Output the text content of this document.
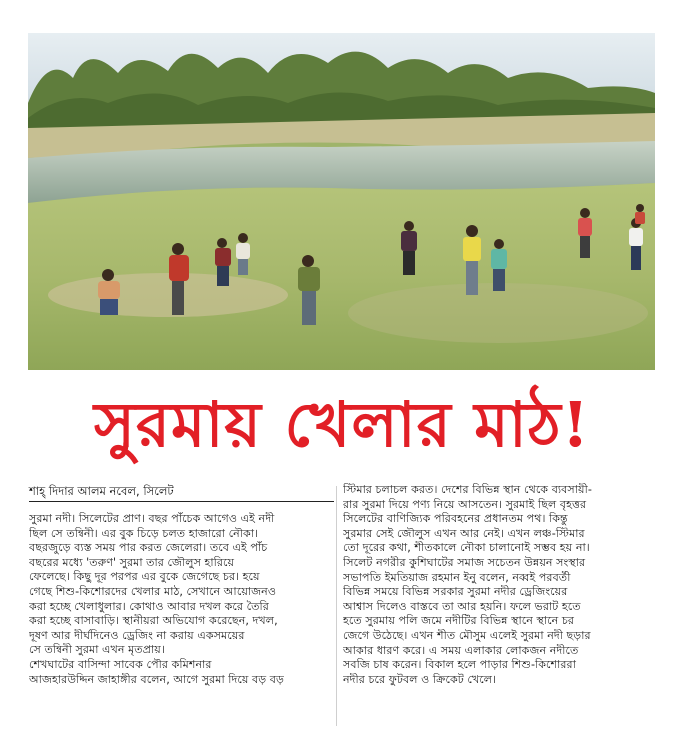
সুরমায় খেলার মাঠ!
শাহ্ দিদার আলম নবেল, সিলেট

সুরমা নদী। সিলেটের প্রাণ। বছর পাঁচেক আগেও এই নদী
ছিল সে তন্বিনী। এর বুক চিড়ে চলত হাজারো নৌকা।
বছরজুড়ে ব্যস্ত সময় পার করত জেলেরা। তবে এই পাঁচ
বছরের মধ্যে 'তরুণ' সুরমা তার জৌলুস হারিয়ে
ফেলেছে। কিছু দূর পরপর এর বুকে জেগেছে চর। হয়ে
গেছে শিশু-কিশোরদের খেলার মাঠ, সেখানে আয়োজনও
করা হচ্ছে খেলাধুলার। কোথাও আবার দখল করে তৈরি
করা হচ্ছে বাসাবাড়ি। স্থানীয়রা অভিযোগ করেছেন, দখল,
দূষণ আর দীর্ঘদিনেও ড্রেজিং না করায় একসময়ের
সে তন্বিনী সুরমা এখন মৃতপ্রায়।
শেখঘাটের বাসিন্দা সাবেক পৌর কমিশনার
আজহারউদ্দিন জাহাঙ্গীর বলেন, আগে সুরমা দিয়ে বড় বড়

স্টিমার চলাচল করত। দেশের বিভিন্ন স্থান থেকে ব্যবসায়ী-
রার সুরমা দিয়ে পণ্য নিয়ে আসতেন। সুরমাই ছিল বৃহত্তর
সিলেটের বাণিজ্যিক পরিবহনের প্রধানতম পথ। কিন্তু
সুরমার সেই জৌলুস এখন আর নেই। এখন লঞ্চ-স্টিমার
তো দূরের কথা, শীতকালে নৌকা চালানোই সম্ভব হয় না।
সিলেট নগরীর কুশিঘাটের সমাজ সচেতন উন্নয়ন সংস্থার
সভাপতি ইমতিয়াজ রহমান ইনু বলেন, নব্বই পরবর্তী
বিভিন্ন সময়ে বিভিন্ন সরকার সুরমা নদীর ড্রেজিংয়ের
আশ্বাস দিলেও বাস্তবে তা আর হয়নি। ফলে ভরাট হতে
হতে সুরমায় পলি জমে নদীটির বিভিন্ন স্থানে স্থানে চর
জেগে উঠেছে। এখন শীত মৌসুম এলেই সুরমা নদী ছড়ার
আকার ধারণ করে। এ সময় এলাকার লোকজন নদীতে
সবজি চাষ করেন। বিকাল হলে পাড়ার শিশু-কিশোররা
নদীর চরে ফুটবল ও ক্রিকেট খেলে।
